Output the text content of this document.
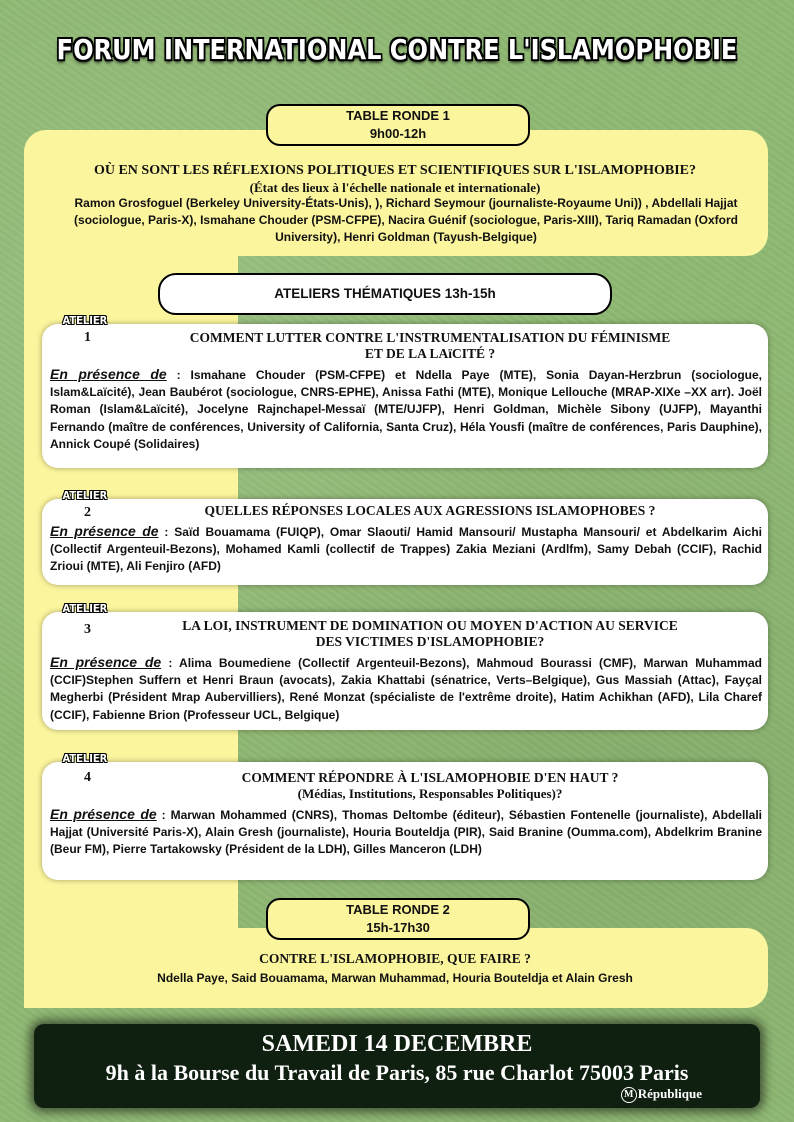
FORUM INTERNATIONAL CONTRE L'ISLAMOPHOBIE
TABLE RONDE 1
9h00-12h
OÙ EN SONT LES RÉFLEXIONS POLITIQUES ET SCIENTIFIQUES SUR L'ISLAMOPHOBIE?
(État des lieux à l'échelle nationale et internationale)
Ramon Grosfoguel (Berkeley University-États-Unis), ), Richard Seymour (journaliste-Royaume Uni)) , Abdellali Hajjat (sociologue, Paris-X), Ismahane Chouder (PSM-CFPE), Nacira Guénif (sociologue, Paris-XIII), Tariq Ramadan (Oxford University), Henri Goldman (Tayush-Belgique)
ATELIERS THÉMATIQUES 13h-15h
ATELIER
1	COMMENT LUTTER CONTRE L'INSTRUMENTALISATION DU FÉMINISME
ET DE LA LAïCITÉ ?
En présence de : Ismahane Chouder (PSM-CFPE) et Ndella Paye (MTE), Sonia Dayan-Herzbrun (sociologue, Islam&Laïcité), Jean Baubérot (sociologue, CNRS-EPHE), Anissa Fathi (MTE), Monique Lellouche (MRAP-XIXe –XX arr). Joël Roman (Islam&Laïcité), Jocelyne Rajnchapel-Messaï (MTE/UJFP), Henri Goldman, Michèle Sibony (UJFP), Mayanthi Fernando (maître de conférences, University of California, Santa Cruz), Héla Yousfi (maître de conférences, Paris Dauphine), Annick Coupé (Solidaires)
ATELIER
2	QUELLES RÉPONSES LOCALES AUX AGRESSIONS ISLAMOPHOBES ?
En présence de : Saïd Bouamama (FUIQP), Omar Slaouti/ Hamid Mansouri/ Mustapha Mansouri/ et Abdelkarim Aichi (Collectif Argenteuil-Bezons), Mohamed Kamli (collectif de Trappes) Zakia Meziani (Ardlfm), Samy Debah (CCIF), Rachid Zrioui (MTE), Ali Fenjiro (AFD)
ATELIER
3	LA LOI, INSTRUMENT DE DOMINATION OU MOYEN D'ACTION AU SERVICE
DES VICTIMES D'ISLAMOPHOBIE?
En présence de : Alima Boumediene (Collectif Argenteuil-Bezons), Mahmoud Bourassi (CMF), Marwan Muhammad (CCIF)Stephen Suffern et Henri Braun (avocats), Zakia Khattabi (sénatrice, Verts–Belgique), Gus Massiah (Attac), Fayçal Megherbi (Président Mrap Aubervilliers), René Monzat (spécialiste de l'extrême droite), Hatim Achikhan (AFD), Lila Charef (CCIF), Fabienne Brion (Professeur UCL, Belgique)
ATELIER
4	COMMENT RÉPONDRE À L'ISLAMOPHOBIE D'EN HAUT ?
(Médias, Institutions, Responsables Politiques)?
En présence de : Marwan Mohammed (CNRS), Thomas Deltombe (éditeur), Sébastien Fontenelle (journaliste), Abdellali Hajjat (Université Paris-X), Alain Gresh (journaliste), Houria Bouteldja (PIR), Said Branine (Oumma.com), Abdelkrim Branine (Beur FM), Pierre Tartakowsky (Président de la LDH), Gilles Manceron (LDH)
TABLE RONDE 2
15h-17h30
CONTRE L'ISLAMOPHOBIE, QUE FAIRE ?
Ndella Paye, Said Bouamama, Marwan Muhammad, Houria Bouteldja et Alain Gresh
SAMEDI 14 DECEMBRE
9h à la Bourse du Travail de Paris, 85 rue Charlot 75003 Paris
M République
